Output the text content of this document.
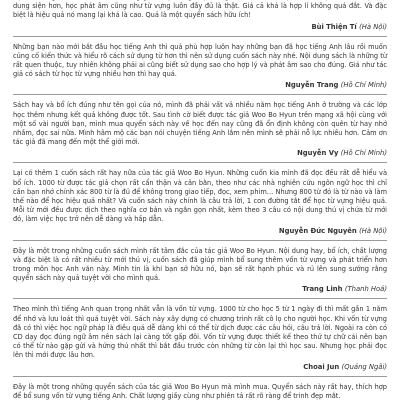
dung siện hơn, học phát âm cũng như từ vựng luôn đầy đủ là thật. Giá cả khá là hợp lí không quá đắt. Và đặc biệt là hiệu quả nó mang lại khá là cao. Quả là một quyển sách hữu ích!

Bùi Thiện Tí (Hà Nội)

Những bạn nào mới bắt đầu học tiếng Anh thì quả phù hợp luôn hay những bạn đã học tiếng Anh lâu rồi muốn củng cố kiến thức và hiểu rõ cách sử dụng từ hơn thì nên sử dụng cuốn sách này nhé. Nội dung sách là những từ rất quen thuộc, tuy nhiên không phải ai cũng biết sử dụng sao cho hợp lý và phát âm sao cho đúng. Giá như tác giả có sách từ học từ vựng nhiều hơn thì hay quá.

Nguyễn Trang (Hồ Chí Minh)

Sách hay và bổ ích đúng như tên gọi của nó, mình đã phải vất vả nhiều năm học tiếng Anh ở trường và các lớp học thêm nhưng kết quả không được tốt. Sau tình cờ biết được tác giả Woo Bo Hyun trên mạng xã hội cùng với một số vài người bạn, mình mua quyển sách này về học đến nay cũng đã ổn định không còn quên từ hay nhớ nhầm, đọc sai nữa. Mình hâm mộ các bạn nói chuyện tiếng Anh lắm nên mình sẽ phải nỗ lực nhiều hơn. Cảm ơn tác giả đã mang đến một thể giới mới.

Nguyễn Vy (Hồ Chí Minh)

Lại có thêm 1 cuốn sách rất hay nữa của tác giả Woo Bo Hyun. Những cuốn kia mình đã đọc đều rất dễ hiểu và bổ ích. 1000 từ được tác giả chọn rất cẩn thận và cân bằn, theo như các nhà nghiên cứu ngôn ngữ học thì chỉ cần bạn nhớ chính xác 800 từ là đủ để không trong giao tiếp, đọc, xem phim… Nhưng 800 từ đó là từ nào và làm thế nào để học hiệu quả nhất? Và cuốn sách này chính là câu trả lời, 1 con đường tắt để học từ vựng hiệu quả. Mỗi từ mới đều được dịch theo nghĩa cơ bản và ngắn gọn nhất, kèm theo 3 câu có nội dung thú vị chứa từ mới đó, làm việc học trở nên dễ dàng và hấp dẫn.

Nguyễn Đức Nguyên (Hà Nội)

Đây là một trong những cuốn sách mình rất tâm đắc của tác giả Woo Bo Hyun. Nội dung hay, bổ ích, chất lượng và đặc biệt là có rất nhiều từ mới thú vị, cuốn sách đã giúp mình bổ sung thêm vốn từ vựng và phát triển hơn trong môn học Anh văn này. Mình tin là khi bạn sở hữu nó, bạn sẽ rất hạnh phúc và rủ lên sung sướng rằng quyển sách này quả tuyệt vời cho mình quá.

Trang Linh (Thanh Hoá)

Theo mình thì tiếng Anh quan trọng nhất vẫn là vốn từ vựng. 1000 từ cho học 5 từ 1 ngày đi thì mất gần 1 năm để nhớ và lưu loát thì quá tuyệt vời. Sách này xây dựng có chương trình rất cô lọ cho người học. Khi vốn từ vựng đã có thì việc học ngữ pháp là điều quá dễ dàng khi có thể từ dịch được các câu hỏi, câu trả lời. Ngoài ra còn có CD dạy đọc đúng ngữ âm nên sách lại càng tốt gấp đôi. Vốn từ vựng được thiết kế theo thứ tự chữ cái nên bạn có thể từ nào gặp gửi và hứng thú nhất thì bắt đầu trước còn những từ còn lại thì học sau. Nhưng học phải đọc lên thì mới được lâu hơn.

Choai Jun (Quảng Ngãi)

Đây là một trong những quyển sách của tác giả Woo Bo Hyun mà mình mua. Quyển sách này rất hay, thích hợp để bổ sung vốn từ vựng tiếng Anh. Chất lượng giấy cùng như phiên tả rất rõ ràng để trinh đẹp mắt.
